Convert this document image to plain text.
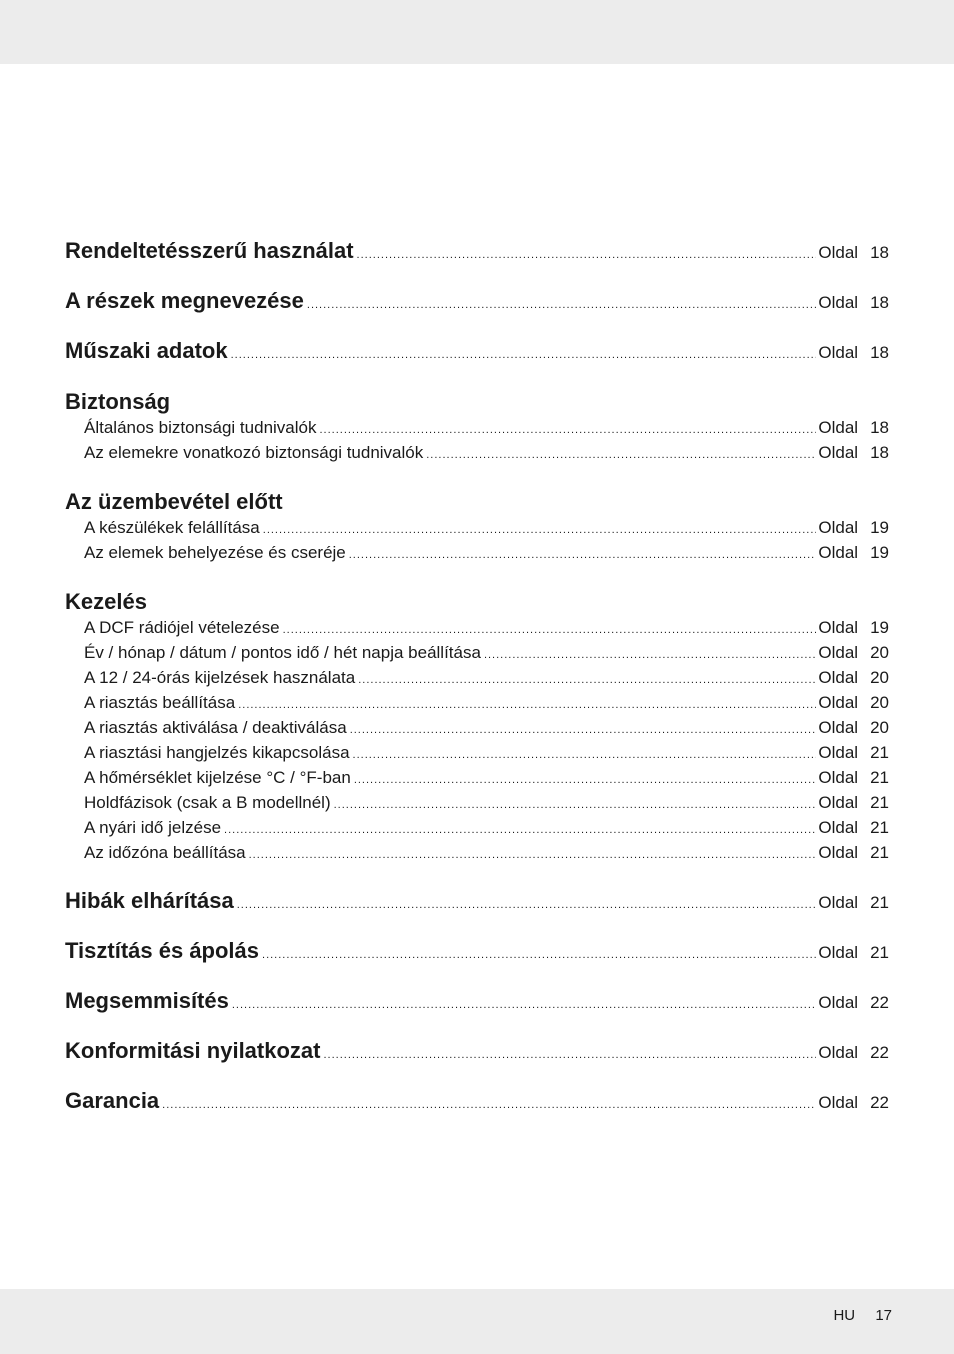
Rendeltetésszerű használat .....	Oldal 18
A részek megnevezése .....	Oldal 18
Műszaki adatok .....	Oldal 18
Biztonság
Általános biztonsági tudnivalók .....	Oldal 18
Az elemekre vonatkozó biztonsági tudnivalók .....	Oldal 18
Az üzembevétel előtt
A készülékek felállítása .....	Oldal 19
Az elemek behelyezése és cseréje .....	Oldal 19
Kezelés
A DCF rádiójel vételezése .....	Oldal 19
Év / hónap / dátum / pontos idő / hét napja beállítása .....	Oldal 20
A 12 / 24-órás kijelzések használata .....	Oldal 20
A riasztás beállítása .....	Oldal 20
A riasztás aktiválása / deaktiválása .....	Oldal 20
A riasztási hangjelzés kikapcsolása .....	Oldal 21
A hőmérséklet kijelzése °C / °F-ban .....	Oldal 21
Holdfázisok (csak a B modellnél) .....	Oldal 21
A nyári idő jelzése .....	Oldal 21
Az időzóna beállítása .....	Oldal 21
Hibák elhárítása .....	Oldal 21
Tisztítás és ápolás .....	Oldal 21
Megsemmisítés .....	Oldal 22
Konformitási nyilatkozat .....	Oldal 22
Garancia .....	Oldal 22
HU 17
